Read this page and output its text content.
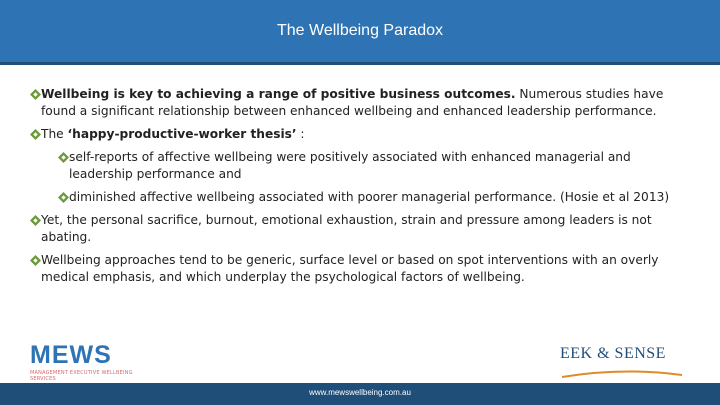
The Wellbeing Paradox
Wellbeing is key to achieving a range of positive business outcomes. Numerous studies have found a significant relationship between enhanced wellbeing and enhanced leadership performance.
The ‘happy-productive-worker thesis’ :
self-reports of affective wellbeing were positively associated with enhanced managerial and leadership performance and
diminished affective wellbeing associated with poorer managerial performance. (Hosie et al 2013)
Yet, the personal sacrifice, burnout, emotional exhaustion, strain and pressure among leaders is not abating.
Wellbeing approaches tend to be generic, surface level or based on spot interventions with an overly medical emphasis, and which underplay the psychological factors of wellbeing.
MEWS
MANAGEMENT EXECUTIVE WELLBEING SERVICES
EEK & SENSE
www.mewswellbeing.com.au
